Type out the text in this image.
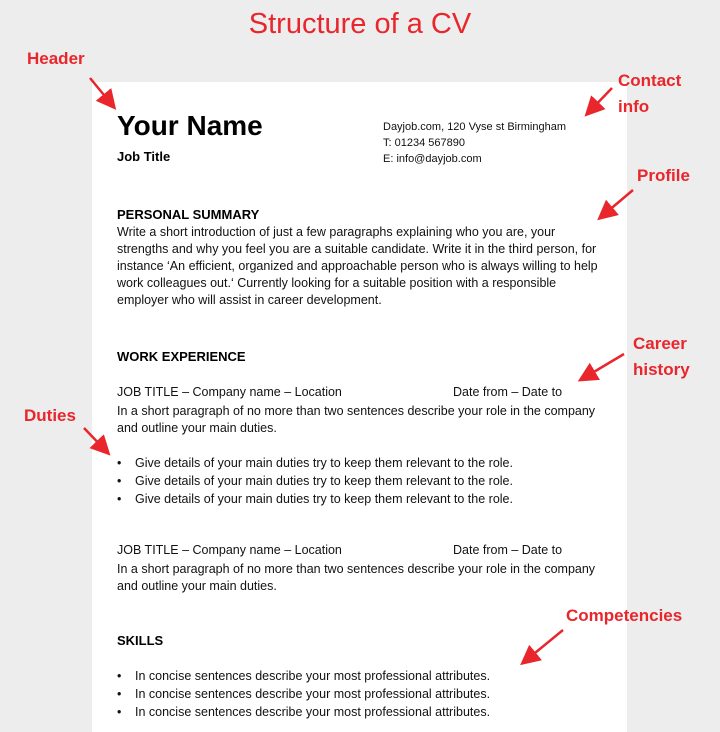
Structure of a CV
Your Name
Job Title
Dayjob.com, 120 Vyse st Birmingham
T: 01234 567890
E: info@dayjob.com
PERSONAL SUMMARY
Write a short introduction of just a few paragraphs explaining who you are, your strengths and why you feel you are a suitable candidate. Write it in the third person, for instance ‘An efficient, organized and approachable person who is always willing to help work colleagues out.‘ Currently looking for a suitable position with a responsible employer who will assist in career development.
WORK EXPERIENCE
JOB TITLE – Company name – Location	Date from – Date to
In a short paragraph of no more than two sentences describe your role in the company and outline your main duties.
• Give details of your main duties try to keep them relevant to the role.
• Give details of your main duties try to keep them relevant to the role.
• Give details of your main duties try to keep them relevant to the role.
JOB TITLE – Company name – Location	Date from – Date to
In a short paragraph of no more than two sentences describe your role in the company and outline your main duties.
SKILLS
• In concise sentences describe your most professional attributes.
• In concise sentences describe your most professional attributes.
• In concise sentences describe your most professional attributes.
Header
Contact
info
Profile
Career
history
Duties
Competencies
